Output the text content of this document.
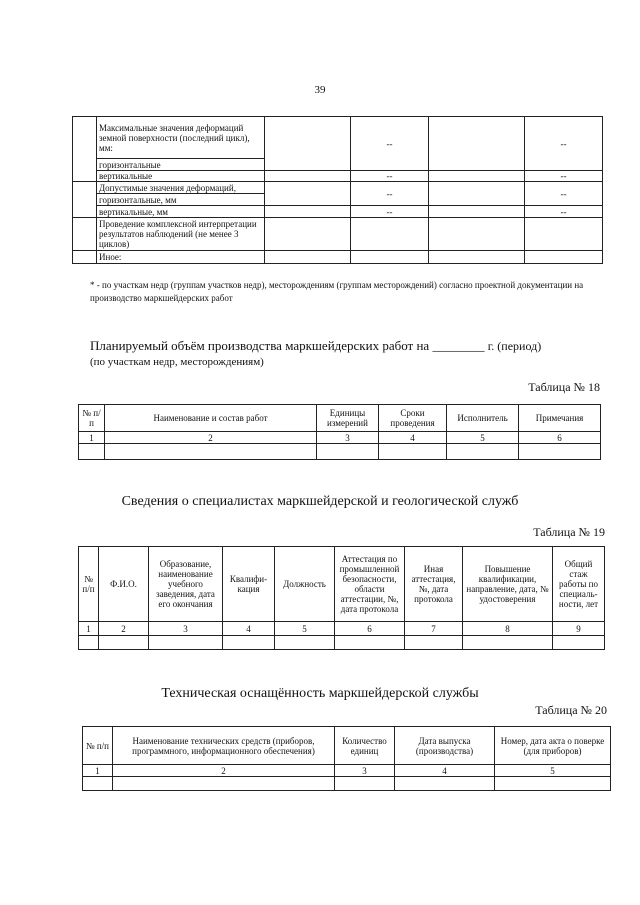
39
	Максимальные значения деформаций земной поверхности (последний цикл), мм:		--		--
	горизонтальные				
	вертикальные		--		--
	Допустимые значения деформаций,		--		--
	горизонтальные, мм				
	вертикальные, мм		--		--
	Проведение комплексной интерпретации результатов наблюдений (не менее 3 циклов)				
	Иное:				
* - по участкам недр (группам участков недр), месторождениям (группам месторождений) согласно проектной документации на производство маркшейдерских работ
Планируемый объём производства маркшейдерских работ на ________ г. (период)
(по участкам недр, месторождениям)
Таблица № 18
№ п/п	Наименование и состав работ	Единицы измерений	Сроки проведения	Исполнитель	Примечания
1	2	3	4	5	6

Сведения о специалистах маркшейдерской и геологической служб
Таблица № 19
№ п/п	Ф.И.О.	Образование, наименование учебного заведения, дата его окончания	Квалифи-кация	Должность	Аттестация по промышленной безопасности, области аттестации, №, дата протокола	Иная аттестация, №, дата протокола	Повышение квалификации, направление, дата, № удостоверения	Общий стаж работы по специаль-ности, лет
1	2	3	4	5	6	7	8	9

Техническая оснащённость маркшейдерской службы
Таблица № 20
№ п/п	Наименование технических средств (приборов, программного, информационного обеспечения)	Количество единиц	Дата выпуска (производства)	Номер, дата акта о поверке (для приборов)
1	2	3	4	5
